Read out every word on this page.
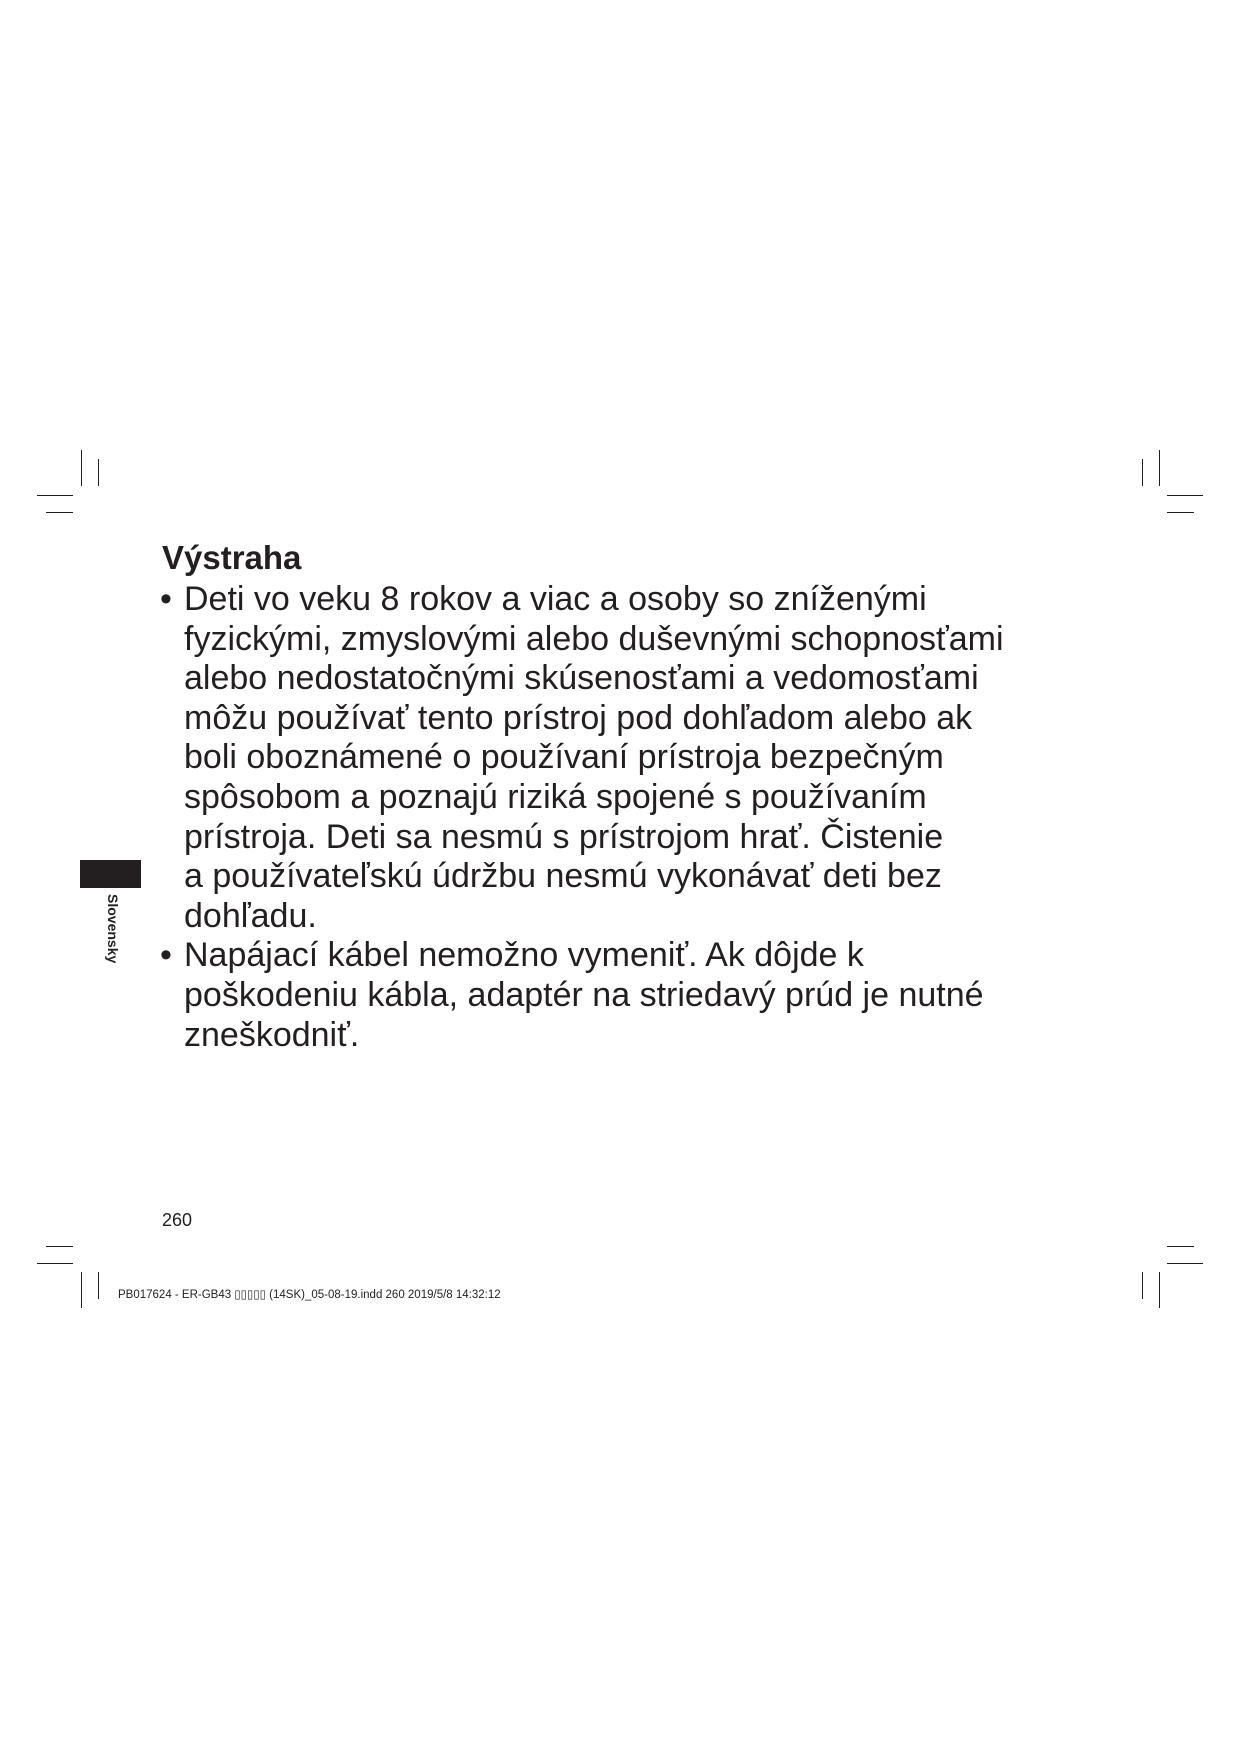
Výstraha
• Deti vo veku 8 rokov a viac a osoby so zníženými
fyzickými, zmyslovými alebo duševnými schopnosťami
alebo nedostatočnými skúsenosťami a vedomosťami
môžu používať tento prístroj pod dohľadom alebo ak
boli oboznámené o používaní prístroja bezpečným
spôsobom a poznajú riziká spojené s používaním
prístroja. Deti sa nesmú s prístrojom hrať. Čistenie
a používateľskú údržbu nesmú vykonávať deti bez
dohľadu.
• Napájací kábel nemožno vymeniť. Ak dôjde k
poškodeniu kábla, adaptér na striedavý prúd je nutné
zneškodniť.
Slovensky
260
PB017624 - ER-GB43 ▯▯▯▯▯ (14SK)_05-08-19.indd 260 2019/5/8 14:32:12
